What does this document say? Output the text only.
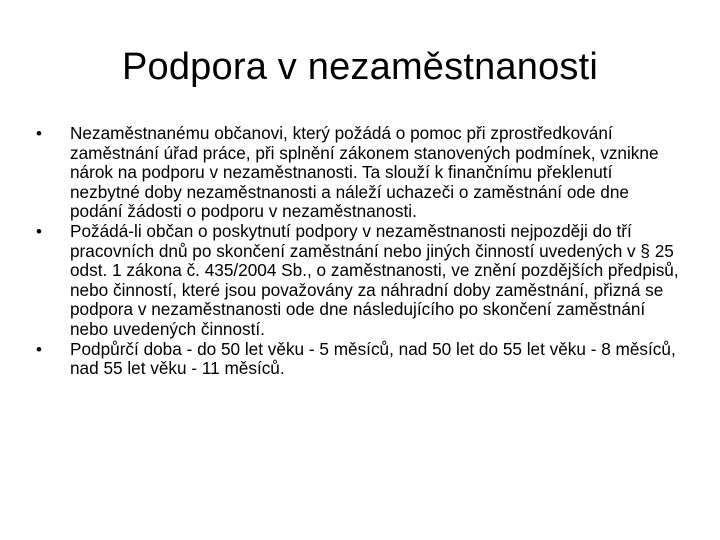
Podpora v nezaměstnanosti
•	Nezaměstnanému občanovi, který požádá o pomoc při zprostředkování zaměstnání úřad práce, při splnění zákonem stanovených podmínek, vznikne nárok na podporu v nezaměstnanosti. Ta slouží k finančnímu překlenutí nezbytné doby nezaměstnanosti a náleží uchazeči o zaměstnání ode dne podání žádosti o podporu v nezaměstnanosti.
•	Požádá-li občan o poskytnutí podpory v nezaměstnanosti nejpozději do tří pracovních dnů po skončení zaměstnání nebo jiných činností uvedených v § 25 odst. 1 zákona č. 435/2004 Sb., o zaměstnanosti, ve znění pozdějších předpisů, nebo činností, které jsou považovány za náhradní doby zaměstnání, přizná se podpora v nezaměstnanosti ode dne následujícího po skončení zaměstnání nebo uvedených činností.
•	Podpůrčí doba - do 50 let věku - 5 měsíců, nad 50 let do 55 let věku - 8 měsíců, nad 55 let věku - 11 měsíců.
